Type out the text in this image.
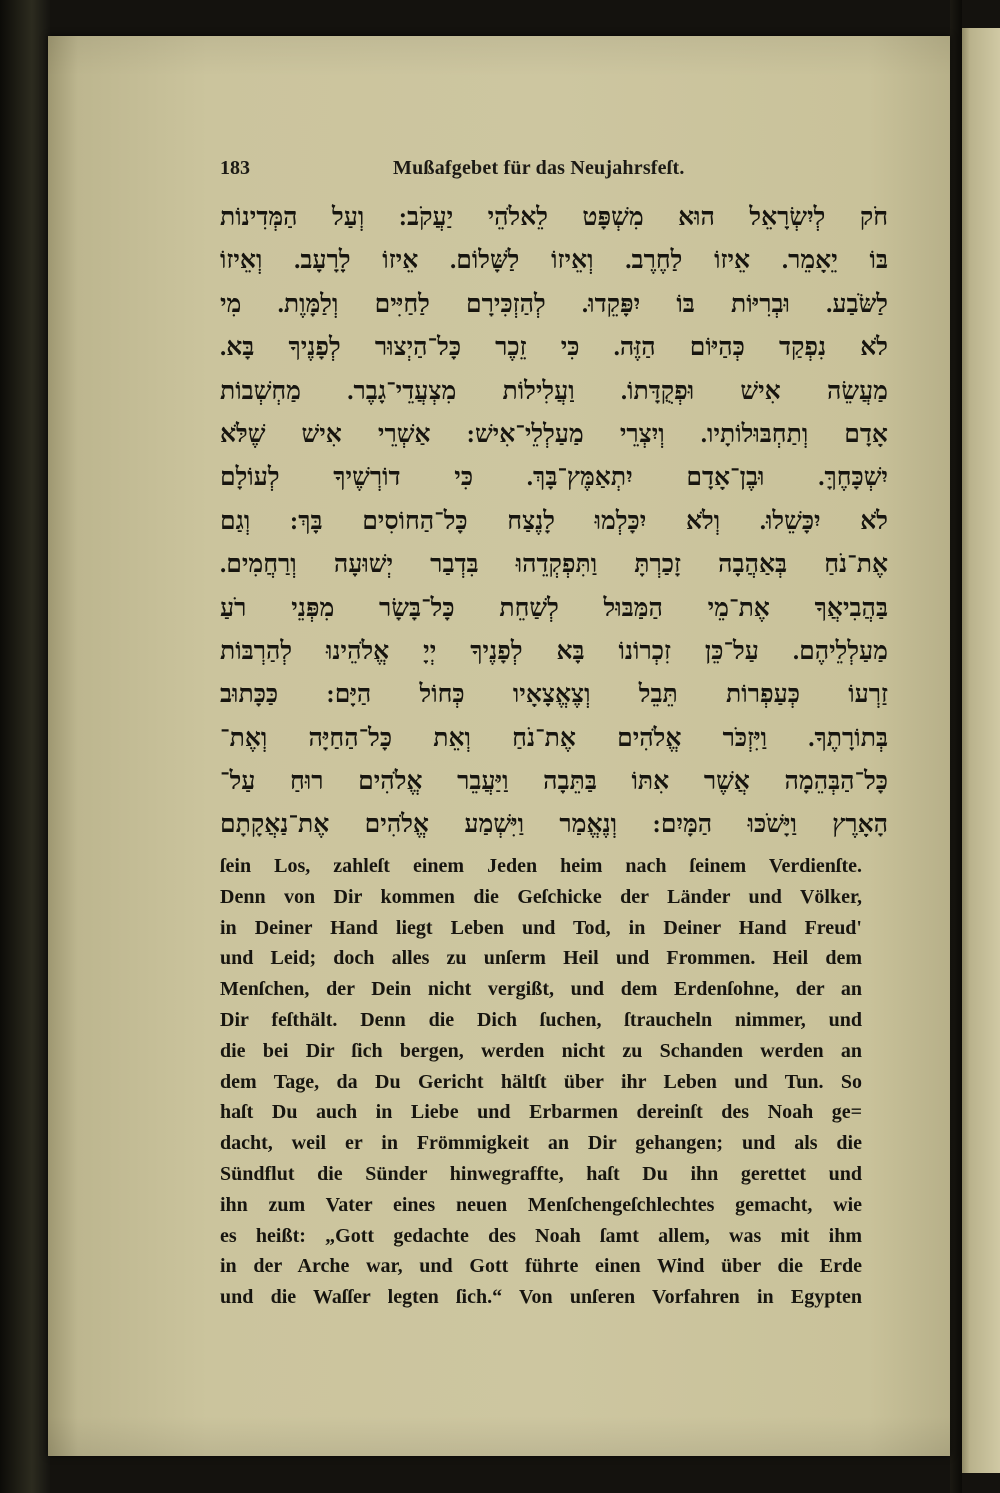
183	Mußafgebet für das Neujahrsfeſt.
חֹק לְיִשְׂרָאֵל הוּא מִשְׁפָּט לֵאלֹהֵי יַעֲקֹב: וְעַל הַמְּדִינוֹת
בּוֹ יֵאָמֵר. אֵיזוֹ לַחֶרֶב. וְאֵיזוֹ לַשָּׁלוֹם. אֵיזוֹ לָרָעָב. וְאֵיזוֹ
לַשֹּׂבַע. וּבְרִיּוֹת בּוֹ יִפָּקֵדוּ. לְהַזְכִּירָם לַחַיִּים וְלַמָּוֶת. מִי
לֹא נִפְקַד כְּהַיּוֹם הַזֶּה. כִּי זֵכֶר כָּל־הַיְצוּר לְפָנֶיךָ בָּא.
מַעֲשֵׂה אִישׁ וּפְקֻדָּתוֹ. וַעֲלִילוֹת מִצְעֲדֵי־גָבֶר. מַחְשְׁבוֹת
אָדָם וְתַחְבּוּלוֹתָיו. וְיִצְרֵי מַעַלְלֵי־אִישׁ: אַשְׁרֵי אִישׁ שֶׁלֹּא
יִשְׁכָּחֶךָּ. וּבֶן־אָדָם יִתְאַמֶּץ־בָּךְ. כִּי דוֹרְשֶׁיךָ לְעוֹלָם
לֹא יִכָּשֵׁלוּ. וְלֹא יִכָּלְמוּ לָנֶצַח כָּל־הַחוֹסִים בָּךְ: וְגַם
אֶת־נֹחַ בְּאַהֲבָה זָכַרְתָּ וַתִּפְקְדֵהוּ בִּדְבַר יְשׁוּעָה וְרַחֲמִים.
בַּהֲבִיאֲךָ אֶת־מֵי הַמַּבּוּל לְשַׁחֵת כָּל־בָּשָׂר מִפְּנֵי רֹעַ
מַעַלְלֵיהֶם. עַל־כֵּן זִכְרוֹנוֹ בָּא לְפָנֶיךָ יְיָ אֱלֹהֵינוּ לְהַרְבּוֹת
זַרְעוֹ כְּעַפְרוֹת תֵּבֵל וְצֶאֱצָאָיו כְּחוֹל הַיָּם: כַּכָּתוּב
בְּתוֹרָתֶךָ. וַיִּזְכֹּר אֱלֹהִים אֶת־נֹחַ וְאֵת כָּל־הַחַיָּה וְאֶת־
כָּל־הַבְּהֵמָה אֲשֶׁר אִתּוֹ בַּתֵּבָה וַיַּעֲבֵר אֱלֹהִים רוּחַ עַל־
הָאָרֶץ וַיָּשֹׁכּוּ הַמָּיִם: וְנֶאֱמַר וַיִּשְׁמַע אֱלֹהִים אֶת־נַאֲקָתָם
ſein Los, zahleſt einem Jeden heim nach ſeinem Verdienſte.
Denn von Dir kommen die Geſchicke der Länder und Völker,
in Deiner Hand liegt Leben und Tod, in Deiner Hand Freud'
und Leid; doch alles zu unſerm Heil und Frommen. Heil dem
Menſchen, der Dein nicht vergißt, und dem Erdenſohne, der an
Dir feſthält. Denn die Dich ſuchen, ſtraucheln nimmer, und
die bei Dir ſich bergen, werden nicht zu Schanden werden an
dem Tage, da Du Gericht hältſt über ihr Leben und Tun. So
haſt Du auch in Liebe und Erbarmen dereinſt des Noah ge=
dacht, weil er in Frömmigkeit an Dir gehangen; und als die
Sündflut die Sünder hinwegraffte, haſt Du ihn gerettet und
ihn zum Vater eines neuen Menſchengeſchlechtes gemacht, wie
es heißt: „Gott gedachte des Noah ſamt allem, was mit ihm
in der Arche war, und Gott führte einen Wind über die Erde
und die Waſſer legten ſich.“ Von unſeren Vorfahren in Egypten
